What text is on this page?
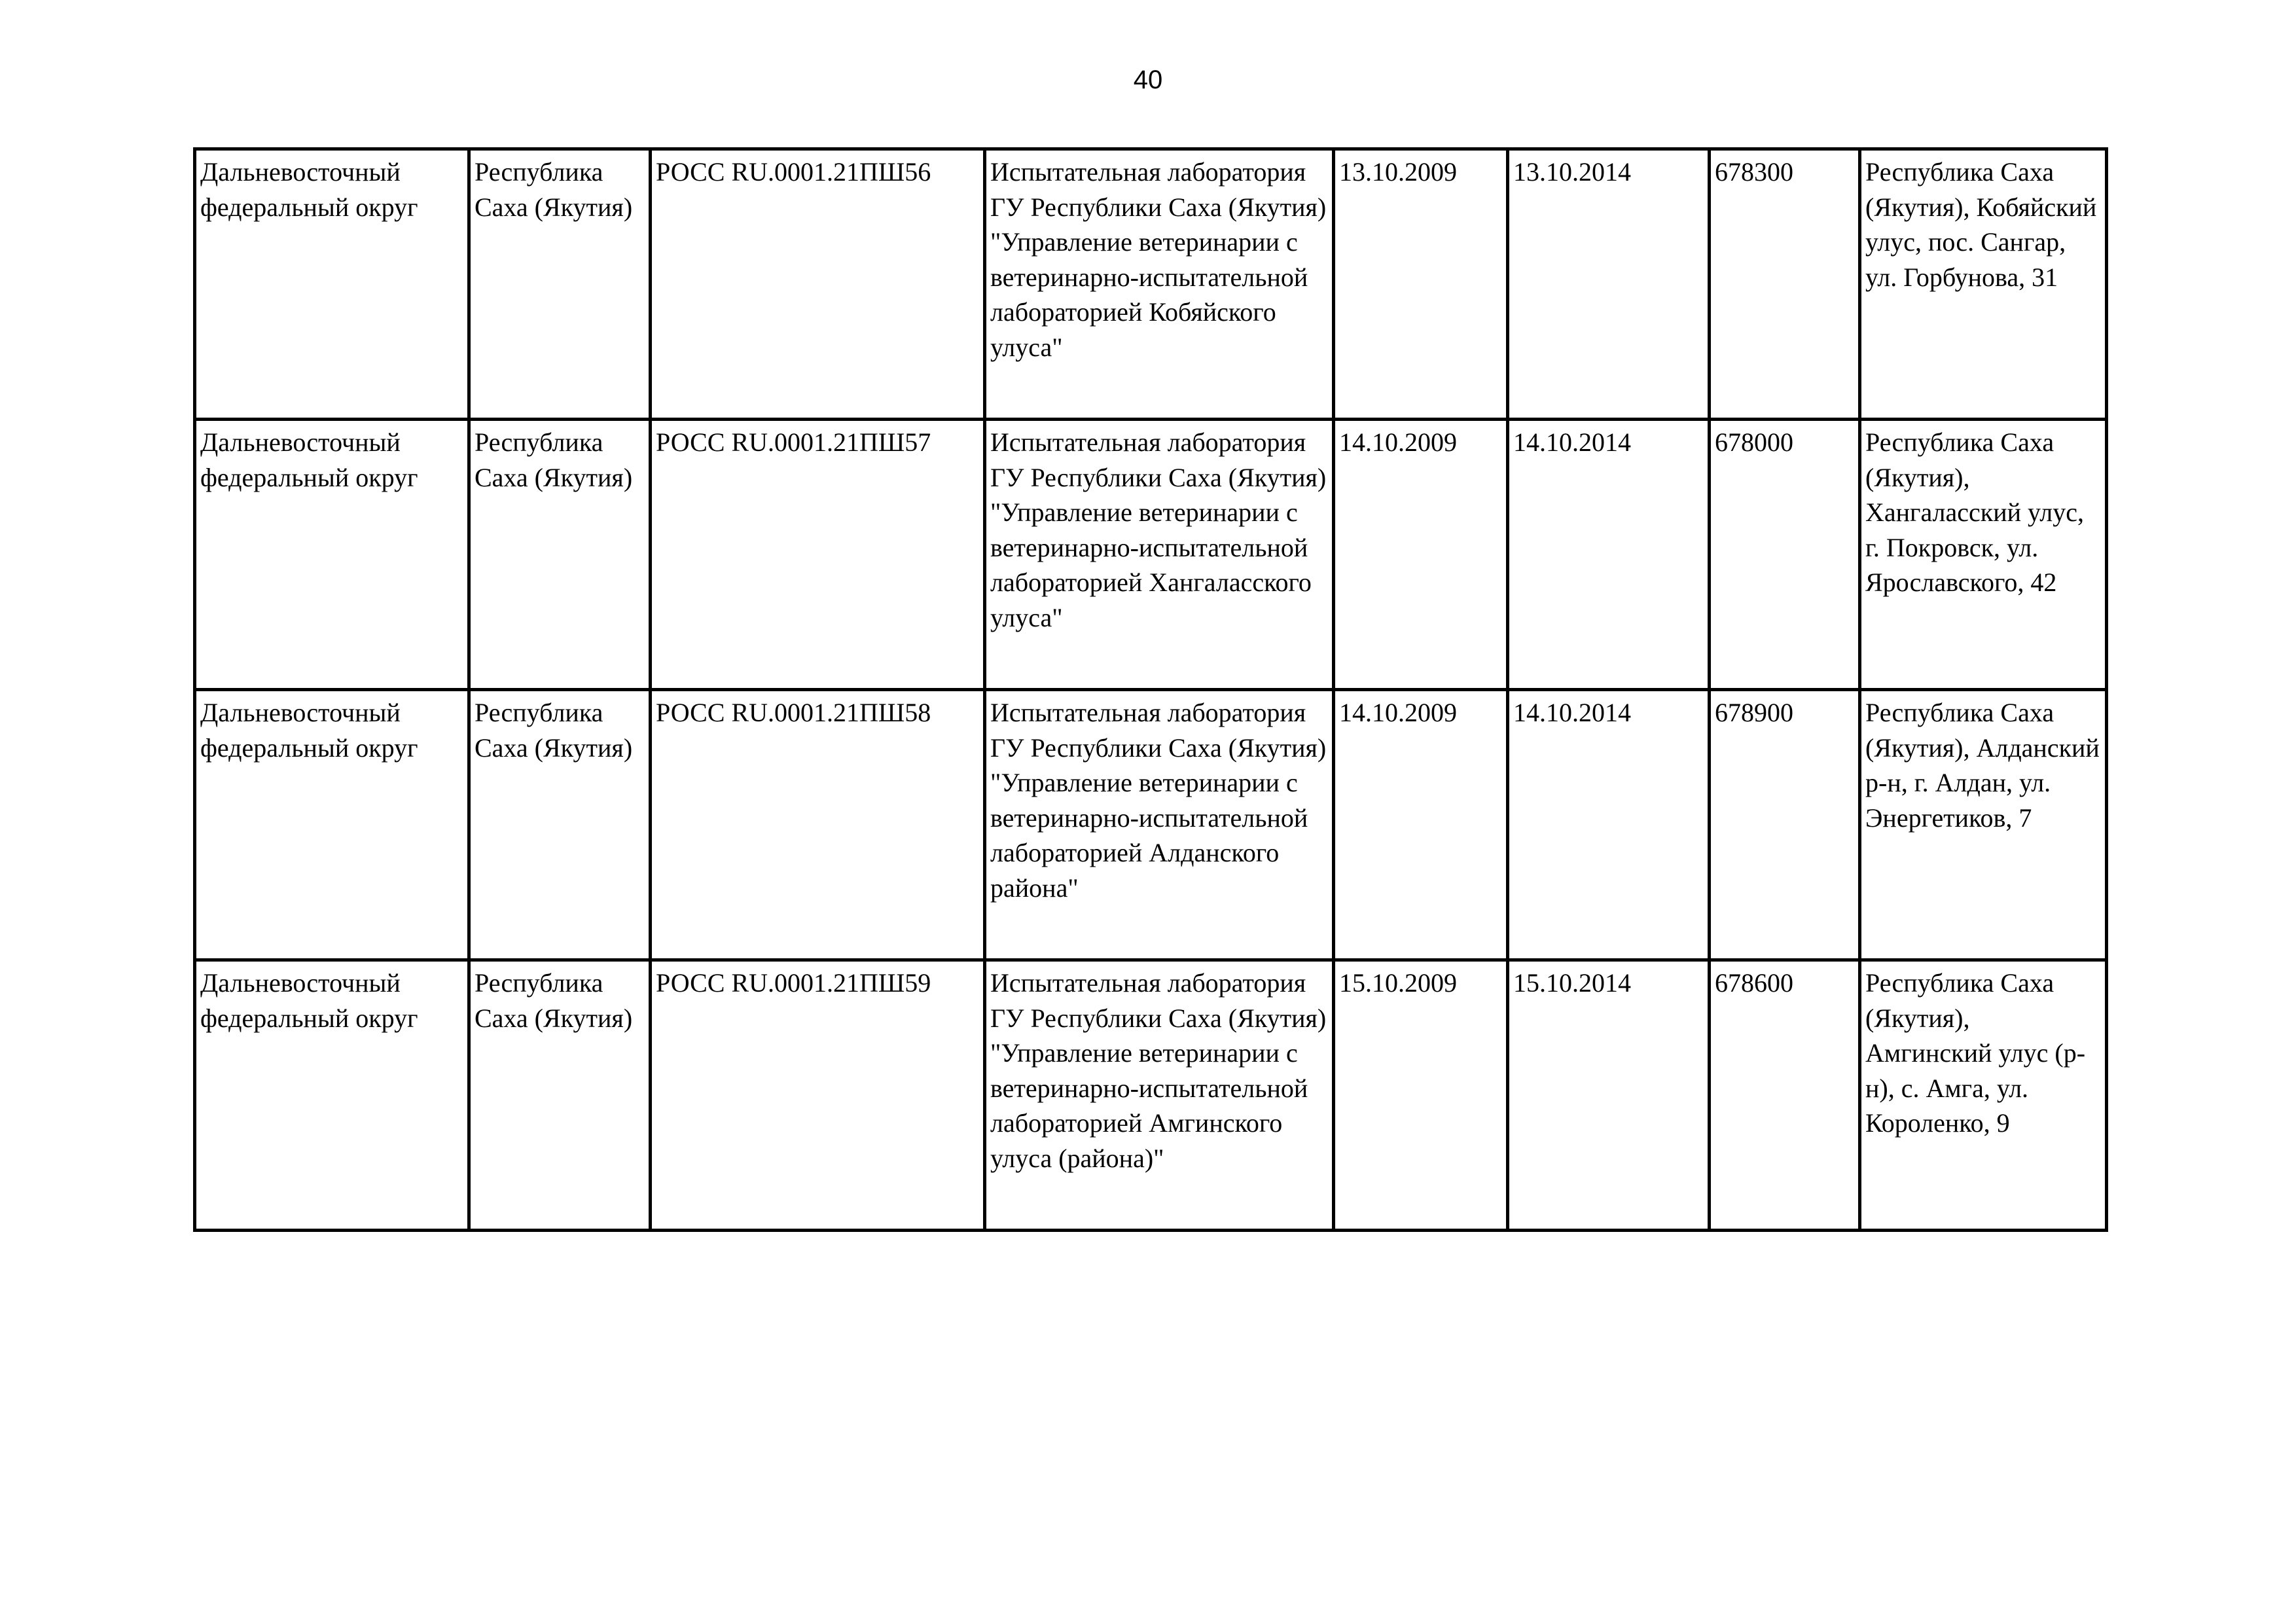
40
Дальневосточный федеральный округ	Республика Саха (Якутия)	РОСС RU.0001.21ПШ56	Испытательная лаборатория ГУ Республики Саха (Якутия) "Управление ветеринарии с ветеринарно-испытательной лабораторией Кобяйского улуса"	13.10.2009	13.10.2014	678300	Республика Саха (Якутия), Кобяйский улус, пос. Сангар, ул. Горбунова, 31
Дальневосточный федеральный округ	Республика Саха (Якутия)	РОСС RU.0001.21ПШ57	Испытательная лаборатория ГУ Республики Саха (Якутия) "Управление ветеринарии с ветеринарно-испытательной лабораторией Хангаласского улуса"	14.10.2009	14.10.2014	678000	Республика Саха (Якутия), Хангаласский улус, г. Покровск, ул. Ярославского, 42
Дальневосточный федеральный округ	Республика Саха (Якутия)	РОСС RU.0001.21ПШ58	Испытательная лаборатория ГУ Республики Саха (Якутия) "Управление ветеринарии с ветеринарно-испытательной лабораторией Алданского района"	14.10.2009	14.10.2014	678900	Республика Саха (Якутия), Алданский р-н, г. Алдан, ул. Энергетиков, 7
Дальневосточный федеральный округ	Республика Саха (Якутия)	РОСС RU.0001.21ПШ59	Испытательная лаборатория ГУ Республики Саха (Якутия) "Управление ветеринарии с ветеринарно-испытательной лабораторией Амгинского улуса (района)"	15.10.2009	15.10.2014	678600	Республика Саха (Якутия), Амгинский улус (р-н), с. Амга, ул. Короленко, 9
